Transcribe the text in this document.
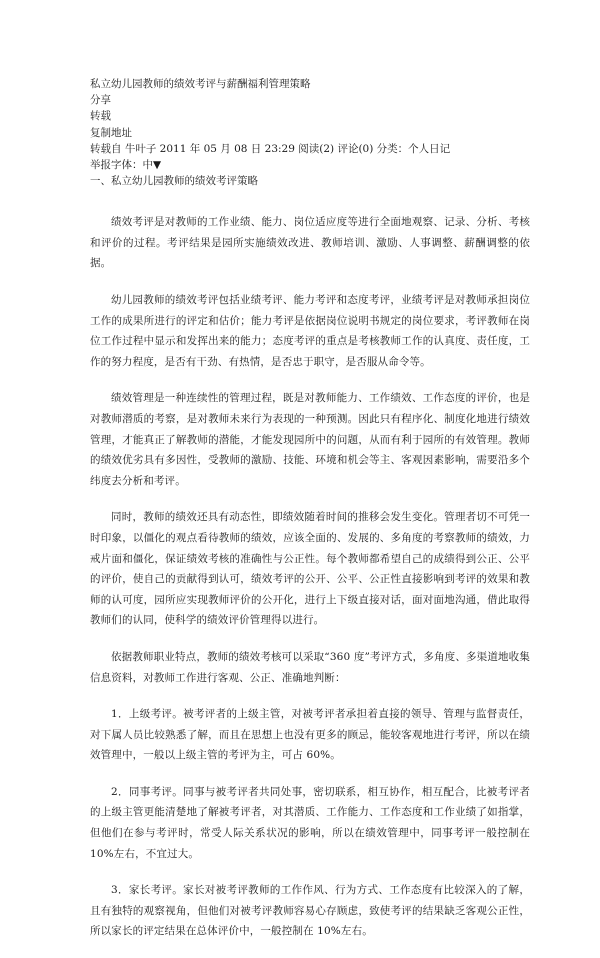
私立幼儿园教师的绩效考评与薪酬福利管理策略
分享
转载
复制地址
转载自 牛叶子 2011 年 05 月 08 日 23:29 阅读(2) 评论(0) 分类：个人日记
举报字体：中▼
一、私立幼儿园教师的绩效考评策略

绩效考评是对教师的工作业绩、能力、岗位适应度等进行全面地观察、记录、分析、考核和评价的过程。考评结果是园所实施绩效改进、教师培训、激励、人事调整、薪酬调整的依据。

幼儿园教师的绩效考评包括业绩考评、能力考评和态度考评，业绩考评是对教师承担岗位工作的成果所进行的评定和估价；能力考评是依据岗位说明书规定的岗位要求，考评教师在岗位工作过程中显示和发挥出来的能力；态度考评的重点是考核教师工作的认真度、责任度，工作的努力程度，是否有干劲、有热情，是否忠于职守，是否服从命令等。

绩效管理是一种连续性的管理过程，既是对教师能力、工作绩效、工作态度的评价，也是对教师潜质的考察，是对教师未来行为表现的一种预测。因此只有程序化、制度化地进行绩效管理，才能真正了解教师的潜能，才能发现园所中的问题，从而有利于园所的有效管理。教师的绩效优劣具有多因性，受教师的激励、技能、环境和机会等主、客观因素影响，需要沿多个纬度去分析和考评。

同时，教师的绩效还具有动态性，即绩效随着时间的推移会发生变化。管理者切不可凭一时印象，以僵化的观点看待教师的绩效，应该全面的、发展的、多角度的考察教师的绩效，力戒片面和僵化，保证绩效考核的准确性与公正性。每个教师都希望自己的成绩得到公正、公平的评价，使自己的贡献得到认可，绩效考评的公开、公平、公正性直接影响到考评的效果和教师的认可度，园所应实现教师评价的公开化，进行上下级直接对话，面对面地沟通，借此取得教师们的认同，使科学的绩效评价管理得以进行。

依据教师职业特点，教师的绩效考核可以采取“360 度”考评方式，多角度、多渠道地收集信息资料，对教师工作进行客观、公正、准确地判断：

1．上级考评。被考评者的上级主管，对被考评者承担着直接的领导、管理与监督责任，对下属人员比较熟悉了解，而且在思想上也没有更多的顾忌，能较客观地进行考评，所以在绩效管理中，一般以上级主管的考评为主，可占 60%。

2．同事考评。同事与被考评者共同处事，密切联系，相互协作，相互配合，比被考评者的上级主管更能清楚地了解被考评者，对其潜质、工作能力、工作态度和工作业绩了如指掌，但他们在参与考评时，常受人际关系状况的影响，所以在绩效管理中，同事考评一般控制在 10%左右，不宜过大。

3．家长考评。家长对被考评教师的工作作风、行为方式、工作态度有比较深入的了解，且有独特的观察视角，但他们对被考评教师容易心存顾虑，致使考评的结果缺乏客观公正性，所以家长的评定结果在总体评价中，一般控制在 10%左右。
